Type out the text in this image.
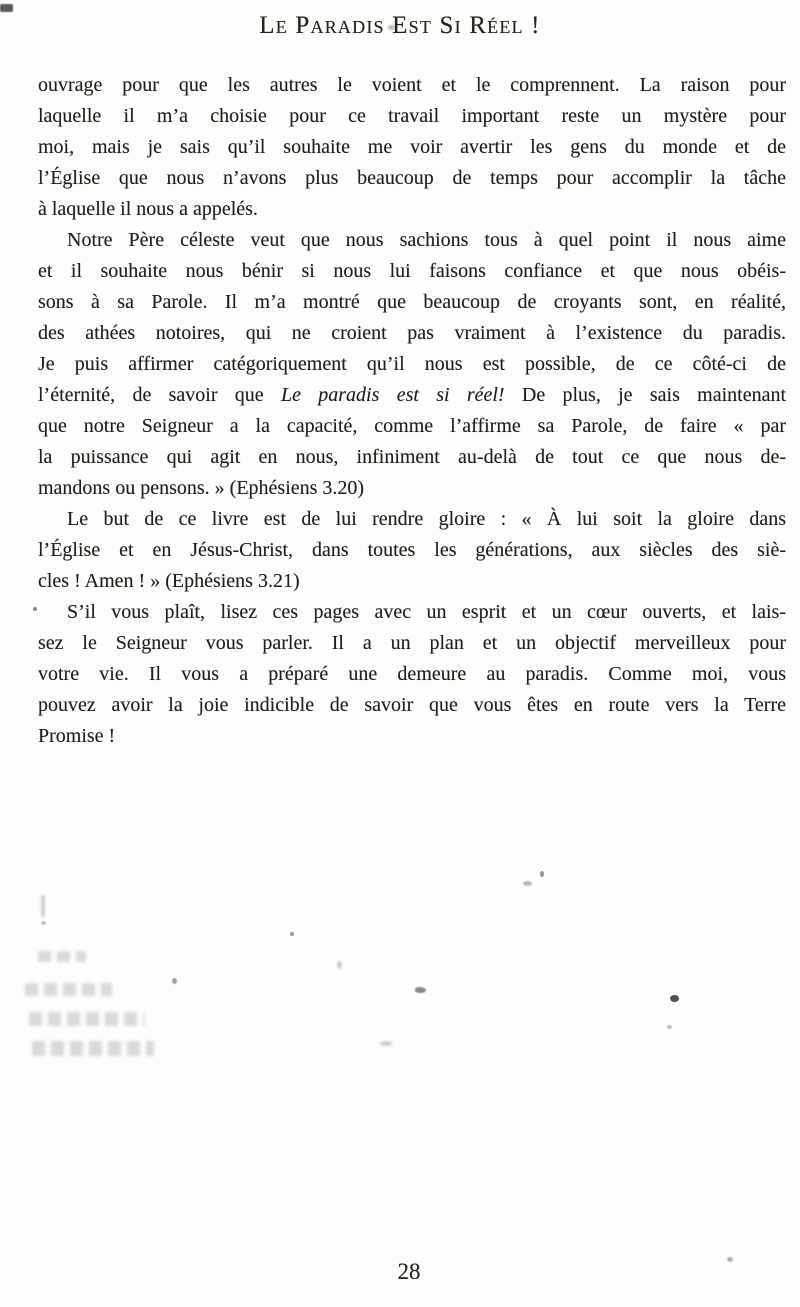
Le Paradis Est Si Réel !
ouvrage pour que les autres le voient et le comprennent. La raison pour
laquelle il m’a choisie pour ce travail important reste un mystère pour
moi, mais je sais qu’il souhaite me voir avertir les gens du monde et de
l’Église que nous n’avons plus beaucoup de temps pour accomplir la tâche
à laquelle il nous a appelés.
Notre Père céleste veut que nous sachions tous à quel point il nous aime
et il souhaite nous bénir si nous lui faisons confiance et que nous obéis-
sons à sa Parole. Il m’a montré que beaucoup de croyants sont, en réalité,
des athées notoires, qui ne croient pas vraiment à l’existence du paradis.
Je puis affirmer catégoriquement qu’il nous est possible, de ce côté-ci de
l’éternité, de savoir que Le paradis est si réel! De plus, je sais maintenant
que notre Seigneur a la capacité, comme l’affirme sa Parole, de faire « par
la puissance qui agit en nous, infiniment au-delà de tout ce que nous de-
mandons ou pensons. » (Ephésiens 3.20)
Le but de ce livre est de lui rendre gloire : « À lui soit la gloire dans
l’Église et en Jésus-Christ, dans toutes les générations, aux siècles des siè-
cles ! Amen ! » (Ephésiens 3.21)
S’il vous plaît, lisez ces pages avec un esprit et un cœur ouverts, et lais-
sez le Seigneur vous parler. Il a un plan et un objectif merveilleux pour
votre vie. Il vous a préparé une demeure au paradis. Comme moi, vous
pouvez avoir la joie indicible de savoir que vous êtes en route vers la Terre
Promise !
28
